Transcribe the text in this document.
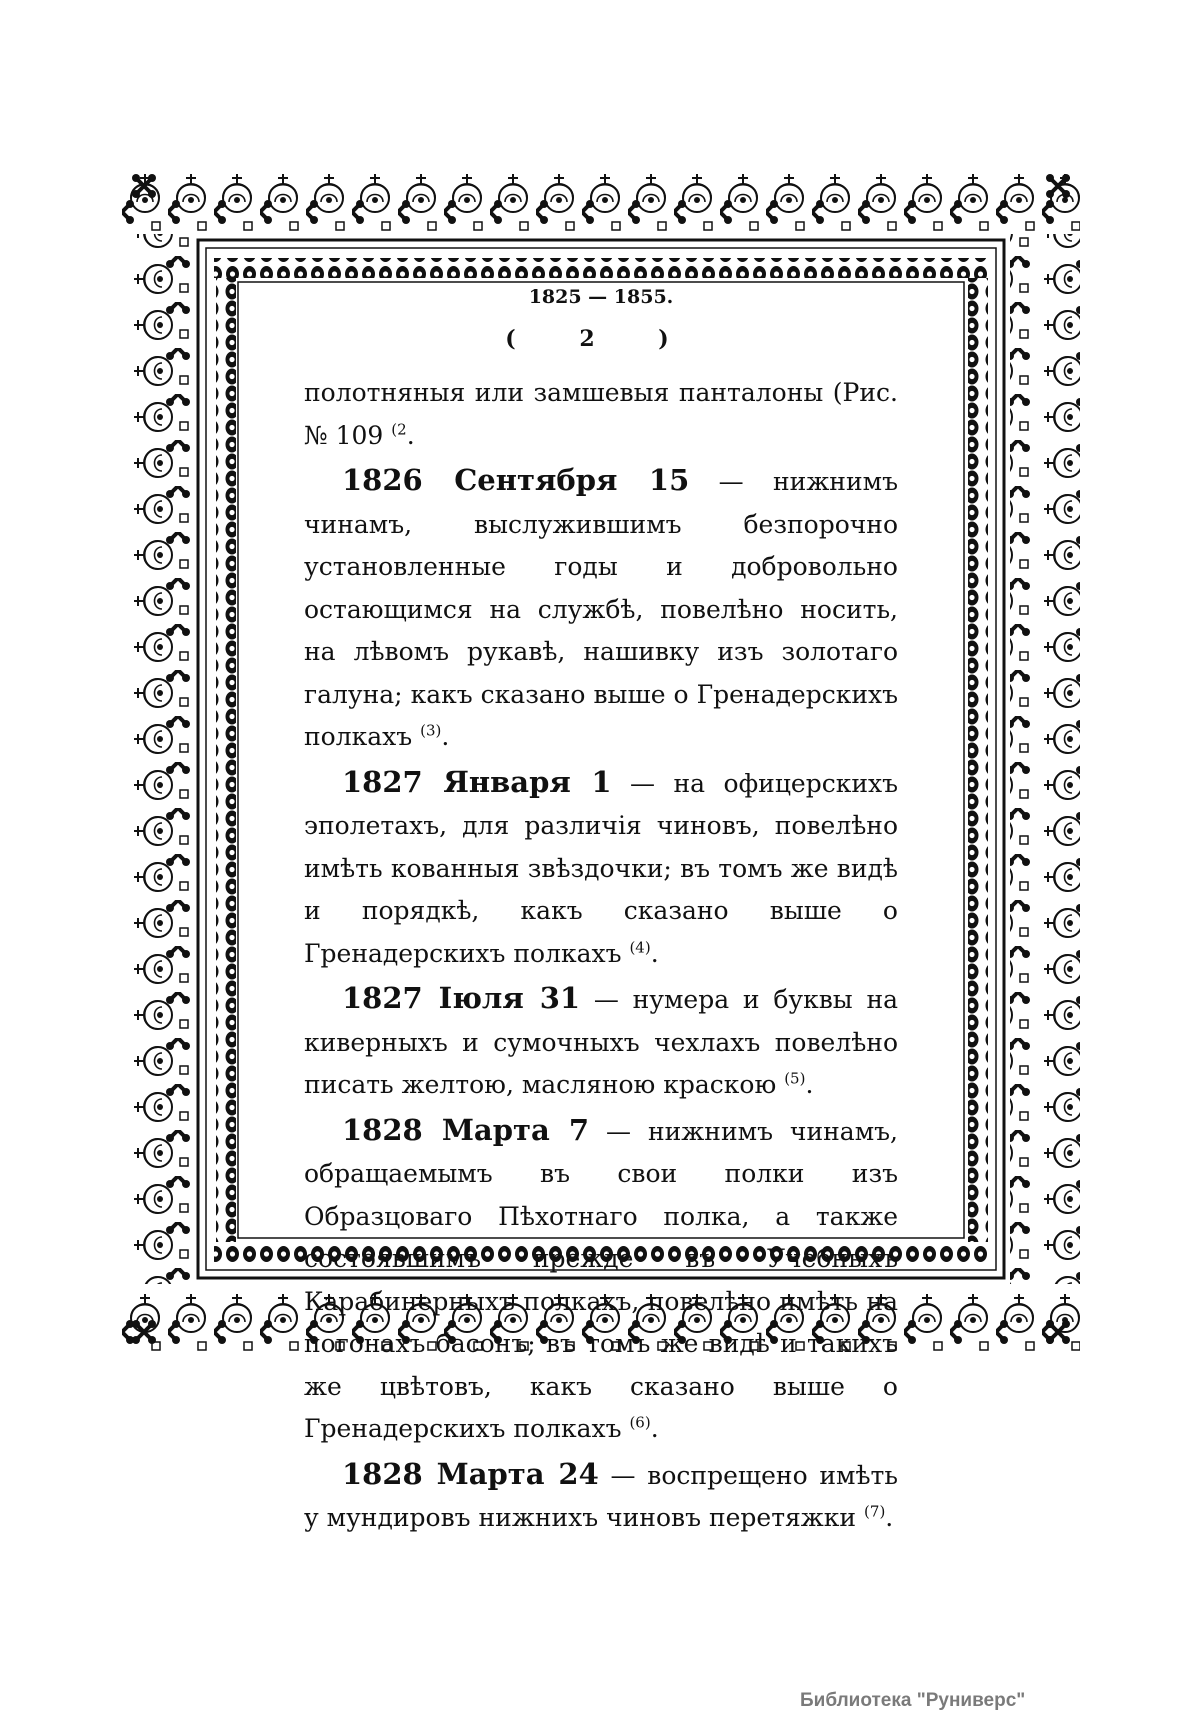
1825 — 1855.
( 2 )

полотняныя или замшевыя панталоны (Рис. № 109 $^{(2}$.

1826 Сентября 15 — нижнимъ чинамъ, выслужившимъ безпорочно установленные годы и добровольно остающимся на службѣ, повелѣно носить, на лѣвомъ рукавѣ, нашивку изъ золотаго галуна; какъ сказано выше о Гренадерскихъ полкахъ $^{(3)}$.

1827 Января 1 — на офицерскихъ эполетахъ, для различія чиновъ, повелѣно имѣть кованныя звѣздочки; въ томъ же видѣ и порядкѣ, какъ сказано выше о Гренадерскихъ полкахъ $^{(4)}$.

1827 Іюля 31 — нумера и буквы на киверныхъ и сумочныхъ чехлахъ повелѣно писать желтою, масляною краскою $^{(5)}$.

1828 Марта 7 — нижнимъ чинамъ, обращаемымъ въ свои полки изъ Образцоваго Пѣхотнаго полка, а также состоявшимъ прежде въ Учебныхъ Карабинерныхъ полкахъ, повелѣно имѣть на погонахъ басонъ; въ томъ же видѣ и такихъ же цвѣтовъ, какъ сказано выше о Гренадерскихъ полкахъ $^{(6)}$.

1828 Марта 24 — воспрещено имѣть у мундировъ нижнихъ чиновъ перетяжки $^{(7)}$.

Библиотека "Руниверс"
